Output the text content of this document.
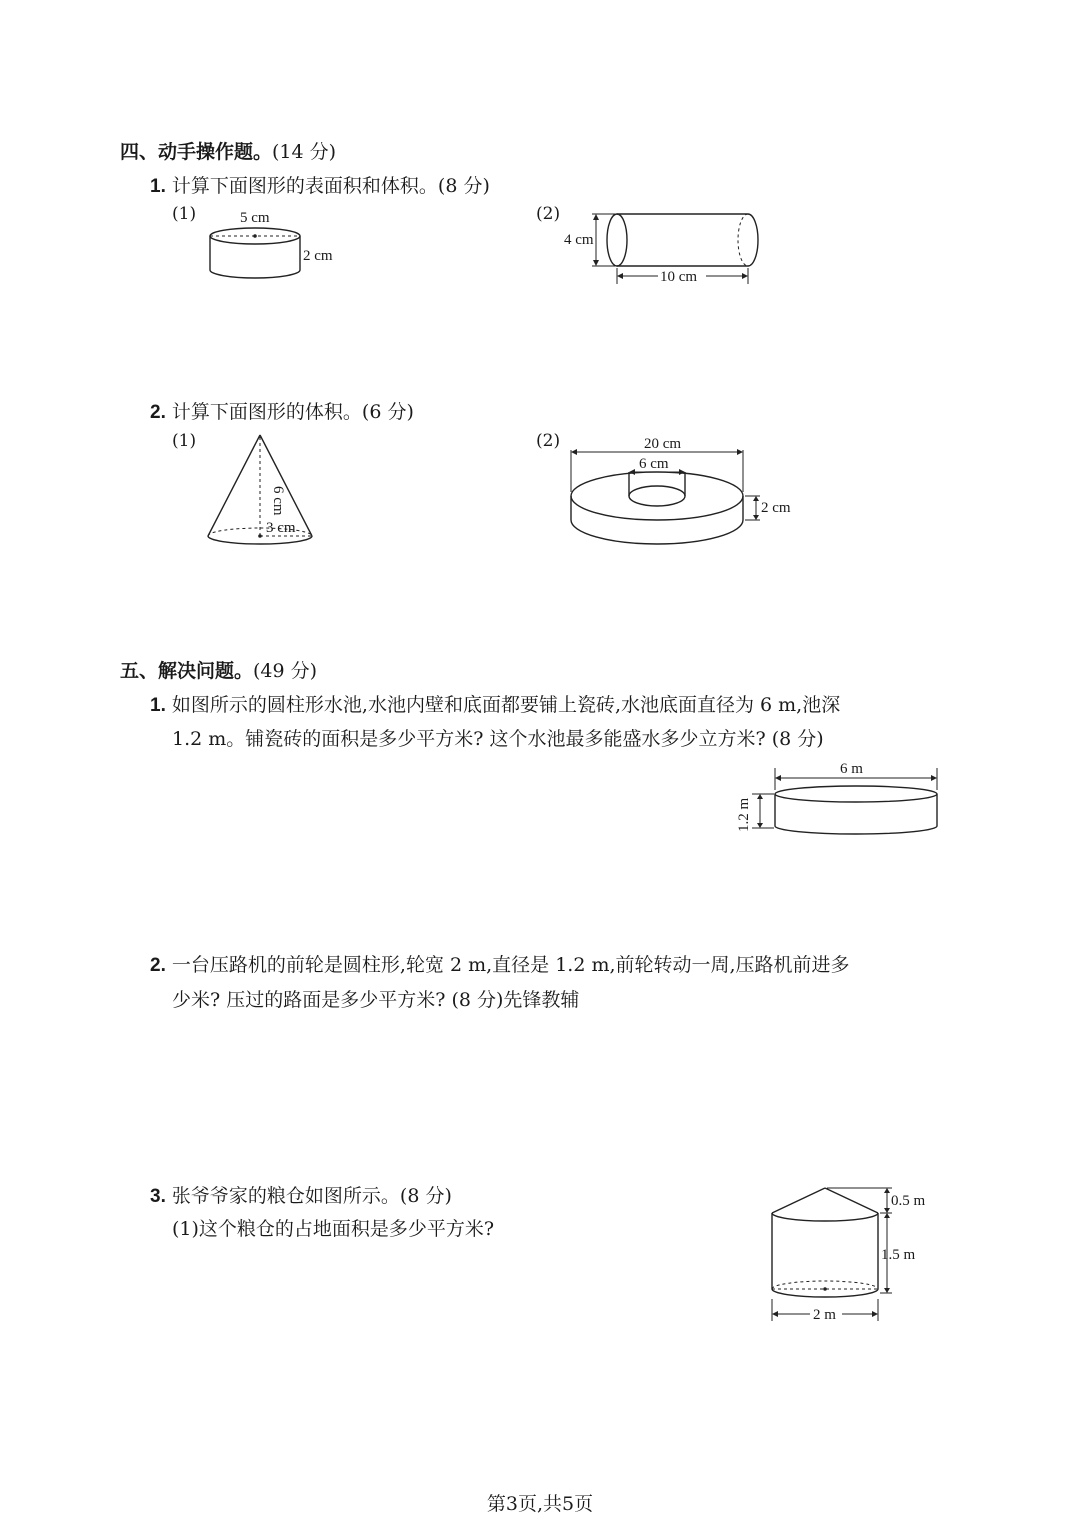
四、动手操作题。(14 分)
1. 计算下面图形的表面积和体积。(8 分)
(1)	5 cm
2 cm
(2)
4 cm
10 cm
2. 计算下面图形的体积。(6 分)
(1)
6 cm
3 cm
(2)	20 cm
6 cm
2 cm
五、解决问题。(49 分)
1. 如图所示的圆柱形水池,水池内壁和底面都要铺上瓷砖,水池底面直径为 6 m,池深
1.2 m。铺瓷砖的面积是多少平方米? 这个水池最多能盛水多少立方米? (8 分)
6 m
1.2 m
2. 一台压路机的前轮是圆柱形,轮宽 2 m,直径是 1.2 m,前轮转动一周,压路机前进多
少米? 压过的路面是多少平方米? (8 分)先锋教辅
3. 张爷爷家的粮仓如图所示。(8 分)
(1)这个粮仓的占地面积是多少平方米?
0.5 m
1.5 m
2 m
第3页,共5页
